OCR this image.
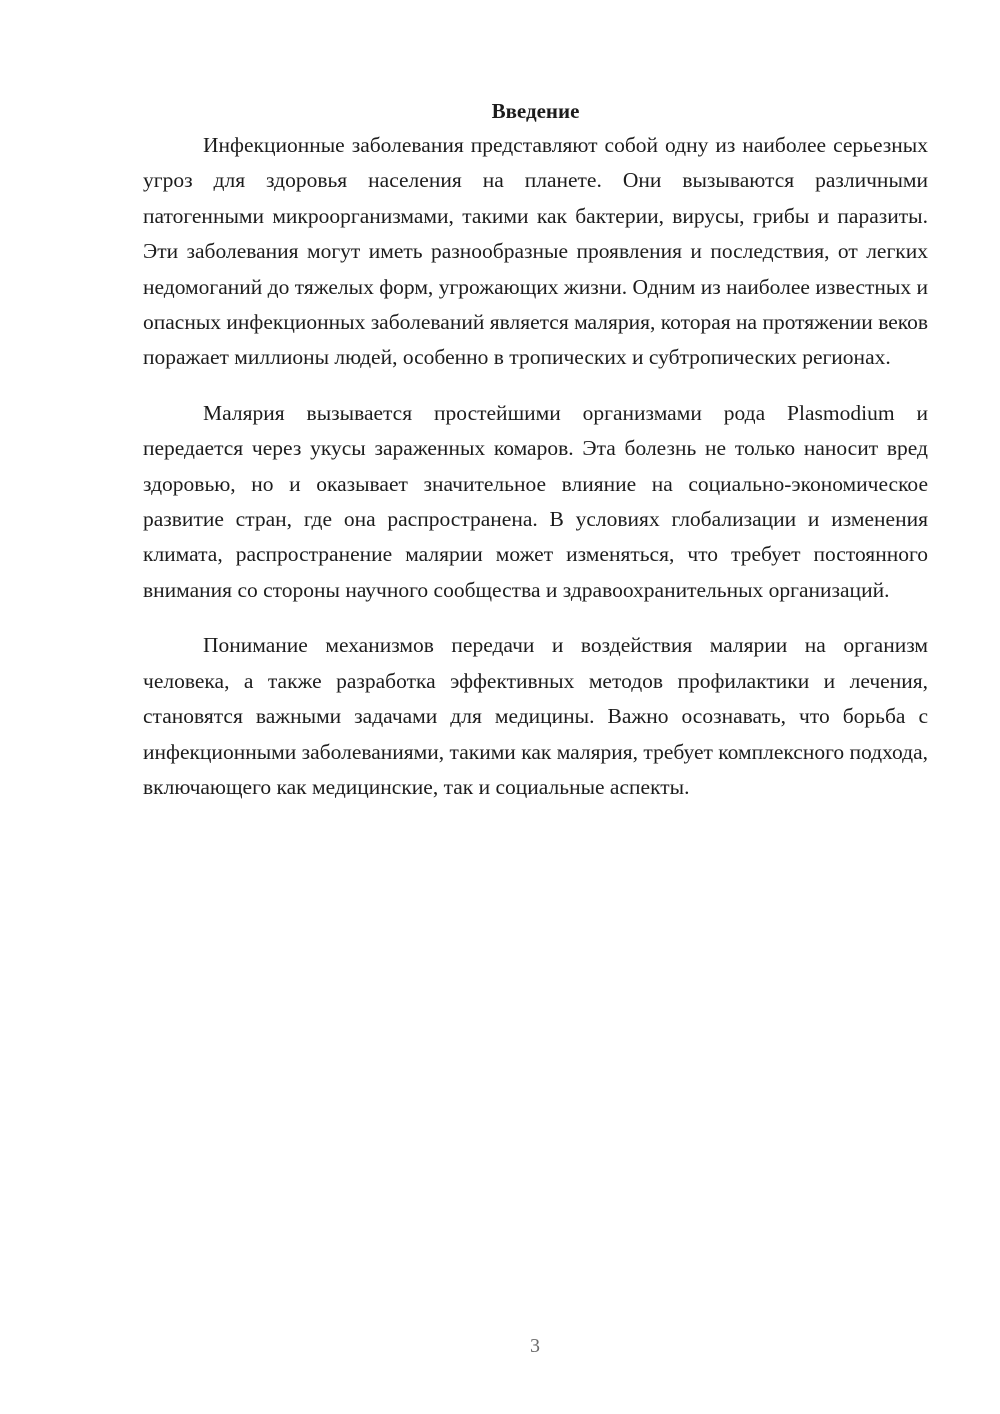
Введение

Инфекционные заболевания представляют собой одну из наиболее серьезных угроз для здоровья населения на планете. Они вызываются различными патогенными микроорганизмами, такими как бактерии, вирусы, грибы и паразиты. Эти заболевания могут иметь разнообразные проявления и последствия, от легких недомоганий до тяжелых форм, угрожающих жизни. Одним из наиболее известных и опасных инфекционных заболеваний является малярия, которая на протяжении веков поражает миллионы людей, особенно в тропических и субтропических регионах.

Малярия вызывается простейшими организмами рода Plasmodium и передается через укусы зараженных комаров. Эта болезнь не только наносит вред здоровью, но и оказывает значительное влияние на социально-экономическое развитие стран, где она распространена. В условиях глобализации и изменения климата, распространение малярии может изменяться, что требует постоянного внимания со стороны научного сообщества и здравоохранительных организаций.

Понимание механизмов передачи и воздействия малярии на организм человека, а также разработка эффективных методов профилактики и лечения, становятся важными задачами для медицины. Важно осознавать, что борьба с инфекционными заболеваниями, такими как малярия, требует комплексного подхода, включающего как медицинские, так и социальные аспекты.

3
